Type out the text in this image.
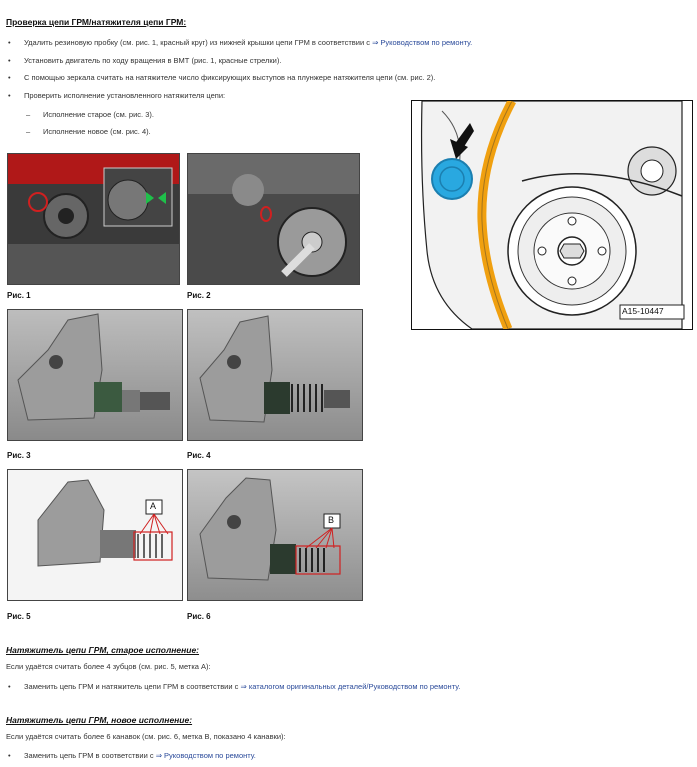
Проверка цепи ГРМ/натяжителя цепи ГРМ:
• Удалить резиновую пробку (см. рис. 1, красный круг) из нижней крышки цепи ГРМ в соответствии с ⇒ Руководством по ремонту.
• Установить двигатель по ходу вращения в ВМТ (рис. 1, красные стрелки).
• С помощью зеркала считать на натяжителе число фиксирующих выступов на плунжере натяжителя цепи (см. рис. 2).
• Проверить исполнение установленного натяжителя цепи:
– Исполнение старое (см. рис. 3).
– Исполнение новое (см. рис. 4).
A15-10447
Рис. 1	Рис. 2
Рис. 3	Рис. 4
A
Рис. 5
B
Рис. 6
Натяжитель цепи ГРМ, старое исполнение:
Если удаётся считать более 4 зубцов (см. рис. 5, метка А):
• Заменить цепь ГРМ и натяжитель цепи ГРМ в соответствии с ⇒ каталогом оригинальных деталей/Руководством по ремонту.
Натяжитель цепи ГРМ, новое исполнение:
Если удаётся считать более 6 канавок (см. рис. 6, метка В, показано 4 канавки):
• Заменить цепь ГРМ в соответствии с ⇒ Руководством по ремонту.
